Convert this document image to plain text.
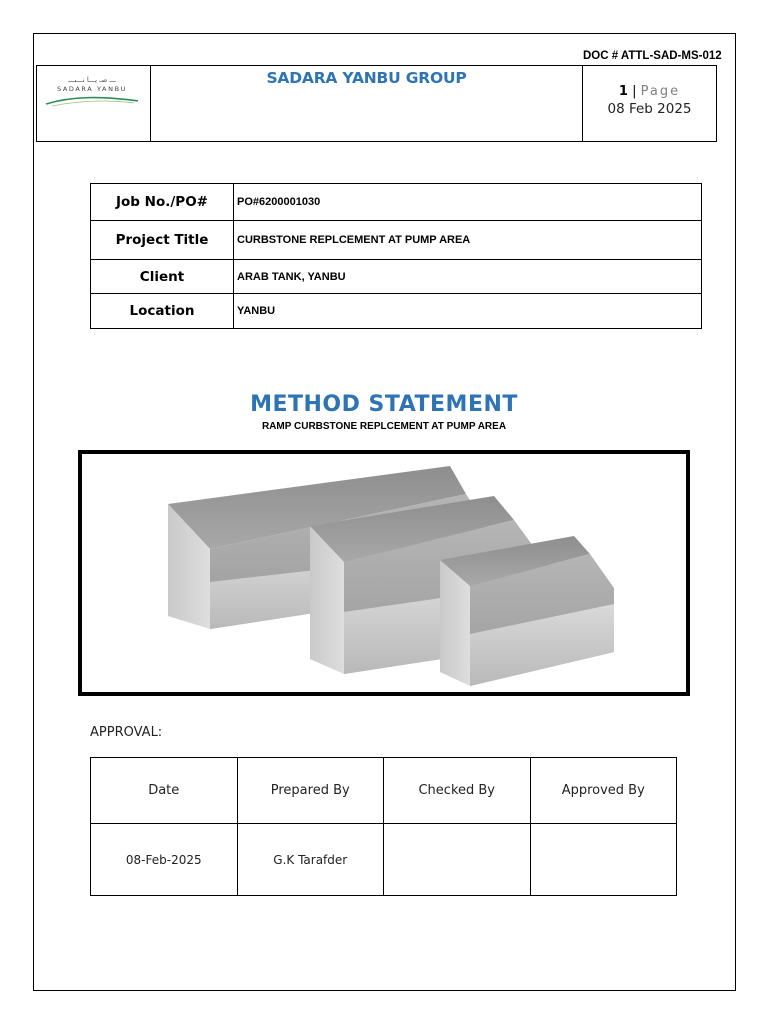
DOC # ATTL-SAD-MS-012
ـــ ﺻـ ﻳـــﺎ ﻧـــﺒـــ
SADARA YANBU

SADARA YANBU GROUP

1 | Page
08 Feb 2025
Job No./PO#	PO#6200001030
Project Title	CURBSTONE REPLCEMENT AT PUMP AREA
Client	ARAB TANK, YANBU
Location	YANBU
METHOD STATEMENT
RAMP CURBSTONE REPLCEMENT AT PUMP AREA
APPROVAL:
Date	Prepared By	Checked By	Approved By
08-Feb-2025	G.K Tarafder		
